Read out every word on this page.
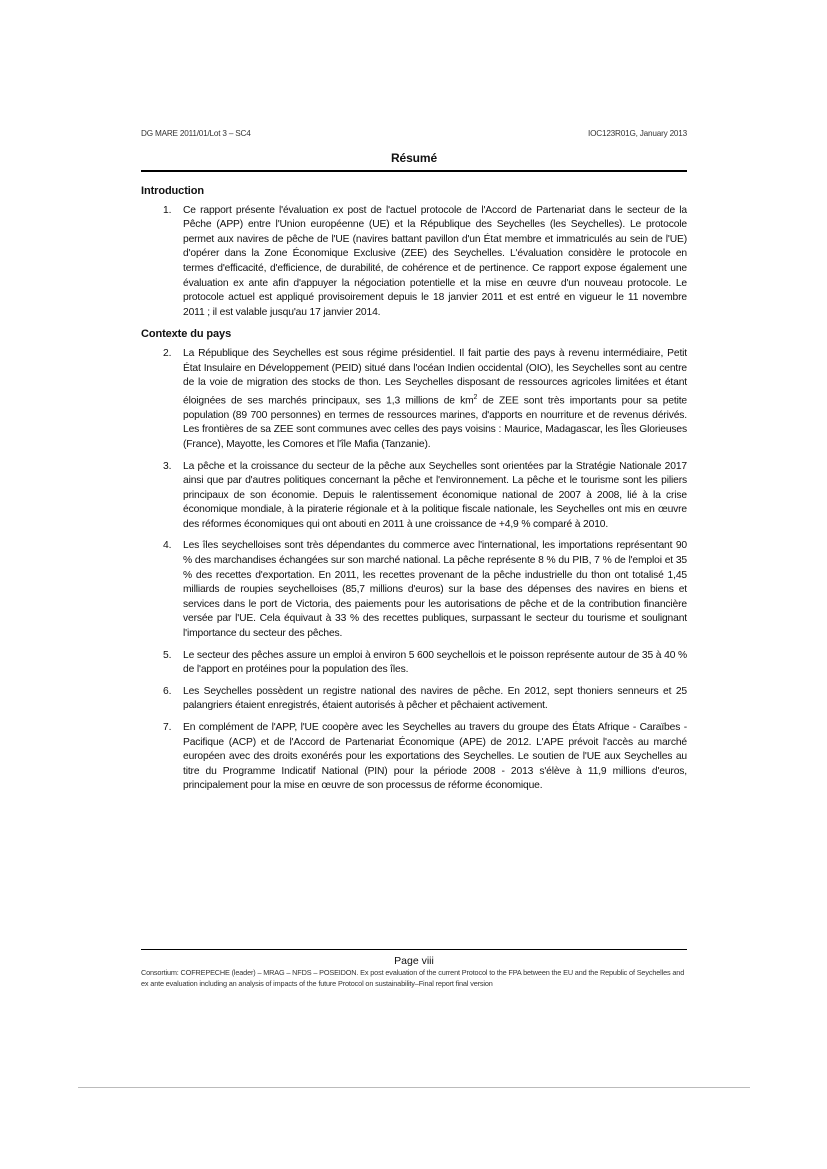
DG MARE 2011/01/Lot 3 – SC4	IOC123R01G, January 2013
Résumé
Introduction
1. Ce rapport présente l'évaluation ex post de l'actuel protocole de l'Accord de Partenariat dans le secteur de la Pêche (APP) entre l'Union européenne (UE) et la République des Seychelles (les Seychelles). Le protocole permet aux navires de pêche de l'UE (navires battant pavillon d'un État membre et immatriculés au sein de l'UE) d'opérer dans la Zone Économique Exclusive (ZEE) des Seychelles. L'évaluation considère le protocole en termes d'efficacité, d'efficience, de durabilité, de cohérence et de pertinence. Ce rapport expose également une évaluation ex ante afin d'appuyer la négociation potentielle et la mise en œuvre d'un nouveau protocole. Le protocole actuel est appliqué provisoirement depuis le 18 janvier 2011 et est entré en vigueur le 11 novembre 2011 ; il est valable jusqu'au 17 janvier 2014.
Contexte du pays
2. La République des Seychelles est sous régime présidentiel. Il fait partie des pays à revenu intermédiaire, Petit État Insulaire en Développement (PEID) situé dans l'océan Indien occidental (OIO), les Seychelles sont au centre de la voie de migration des stocks de thon. Les Seychelles disposant de ressources agricoles limitées et étant éloignées de ses marchés principaux, ses 1,3 millions de $km^2$ de ZEE sont très importants pour sa petite population (89 700 personnes) en termes de ressources marines, d'apports en nourriture et de revenus dérivés. Les frontières de sa ZEE sont communes avec celles des pays voisins : Maurice, Madagascar, les Îles Glorieuses (France), Mayotte, les Comores et l'île Mafia (Tanzanie).
3. La pêche et la croissance du secteur de la pêche aux Seychelles sont orientées par la Stratégie Nationale 2017 ainsi que par d'autres politiques concernant la pêche et l'environnement. La pêche et le tourisme sont les piliers principaux de son économie. Depuis le ralentissement économique national de 2007 à 2008, lié à la crise économique mondiale, à la piraterie régionale et à la politique fiscale nationale, les Seychelles ont mis en œuvre des réformes économiques qui ont abouti en 2011 à une croissance de +4,9 % comparé à 2010.
4. Les îles seychelloises sont très dépendantes du commerce avec l'international, les importations représentant 90 % des marchandises échangées sur son marché national. La pêche représente 8 % du PIB, 7 % de l'emploi et 35 % des recettes d'exportation. En 2011, les recettes provenant de la pêche industrielle du thon ont totalisé 1,45 milliards de roupies seychelloises (85,7 millions d'euros) sur la base des dépenses des navires en biens et services dans le port de Victoria, des paiements pour les autorisations de pêche et de la contribution financière versée par l'UE. Cela équivaut à 33 % des recettes publiques, surpassant le secteur du tourisme et soulignant l'importance du secteur des pêches.
5. Le secteur des pêches assure un emploi à environ 5 600 seychellois et le poisson représente autour de 35 à 40 % de l'apport en protéines pour la population des îles.
6. Les Seychelles possèdent un registre national des navires de pêche. En 2012, sept thoniers senneurs et 25 palangriers étaient enregistrés, étaient autorisés à pêcher et pêchaient activement.
7. En complément de l'APP, l'UE coopère avec les Seychelles au travers du groupe des États Afrique - Caraïbes - Pacifique (ACP) et de l'Accord de Partenariat Économique (APE) de 2012. L'APE prévoit l'accès au marché européen avec des droits exonérés pour les exportations des Seychelles. Le soutien de l'UE aux Seychelles au titre du Programme Indicatif National (PIN) pour la période 2008 - 2013 s'élève à 11,9 millions d'euros, principalement pour la mise en œuvre de son processus de réforme économique.
Page viii
Consortium: COFREPECHE (leader) – MRAG – NFDS – POSEIDON. Ex post evaluation of the current Protocol to the FPA between the EU and the Republic of Seychelles and ex ante evaluation including an analysis of impacts of the future Protocol on sustainability–Final report final version
